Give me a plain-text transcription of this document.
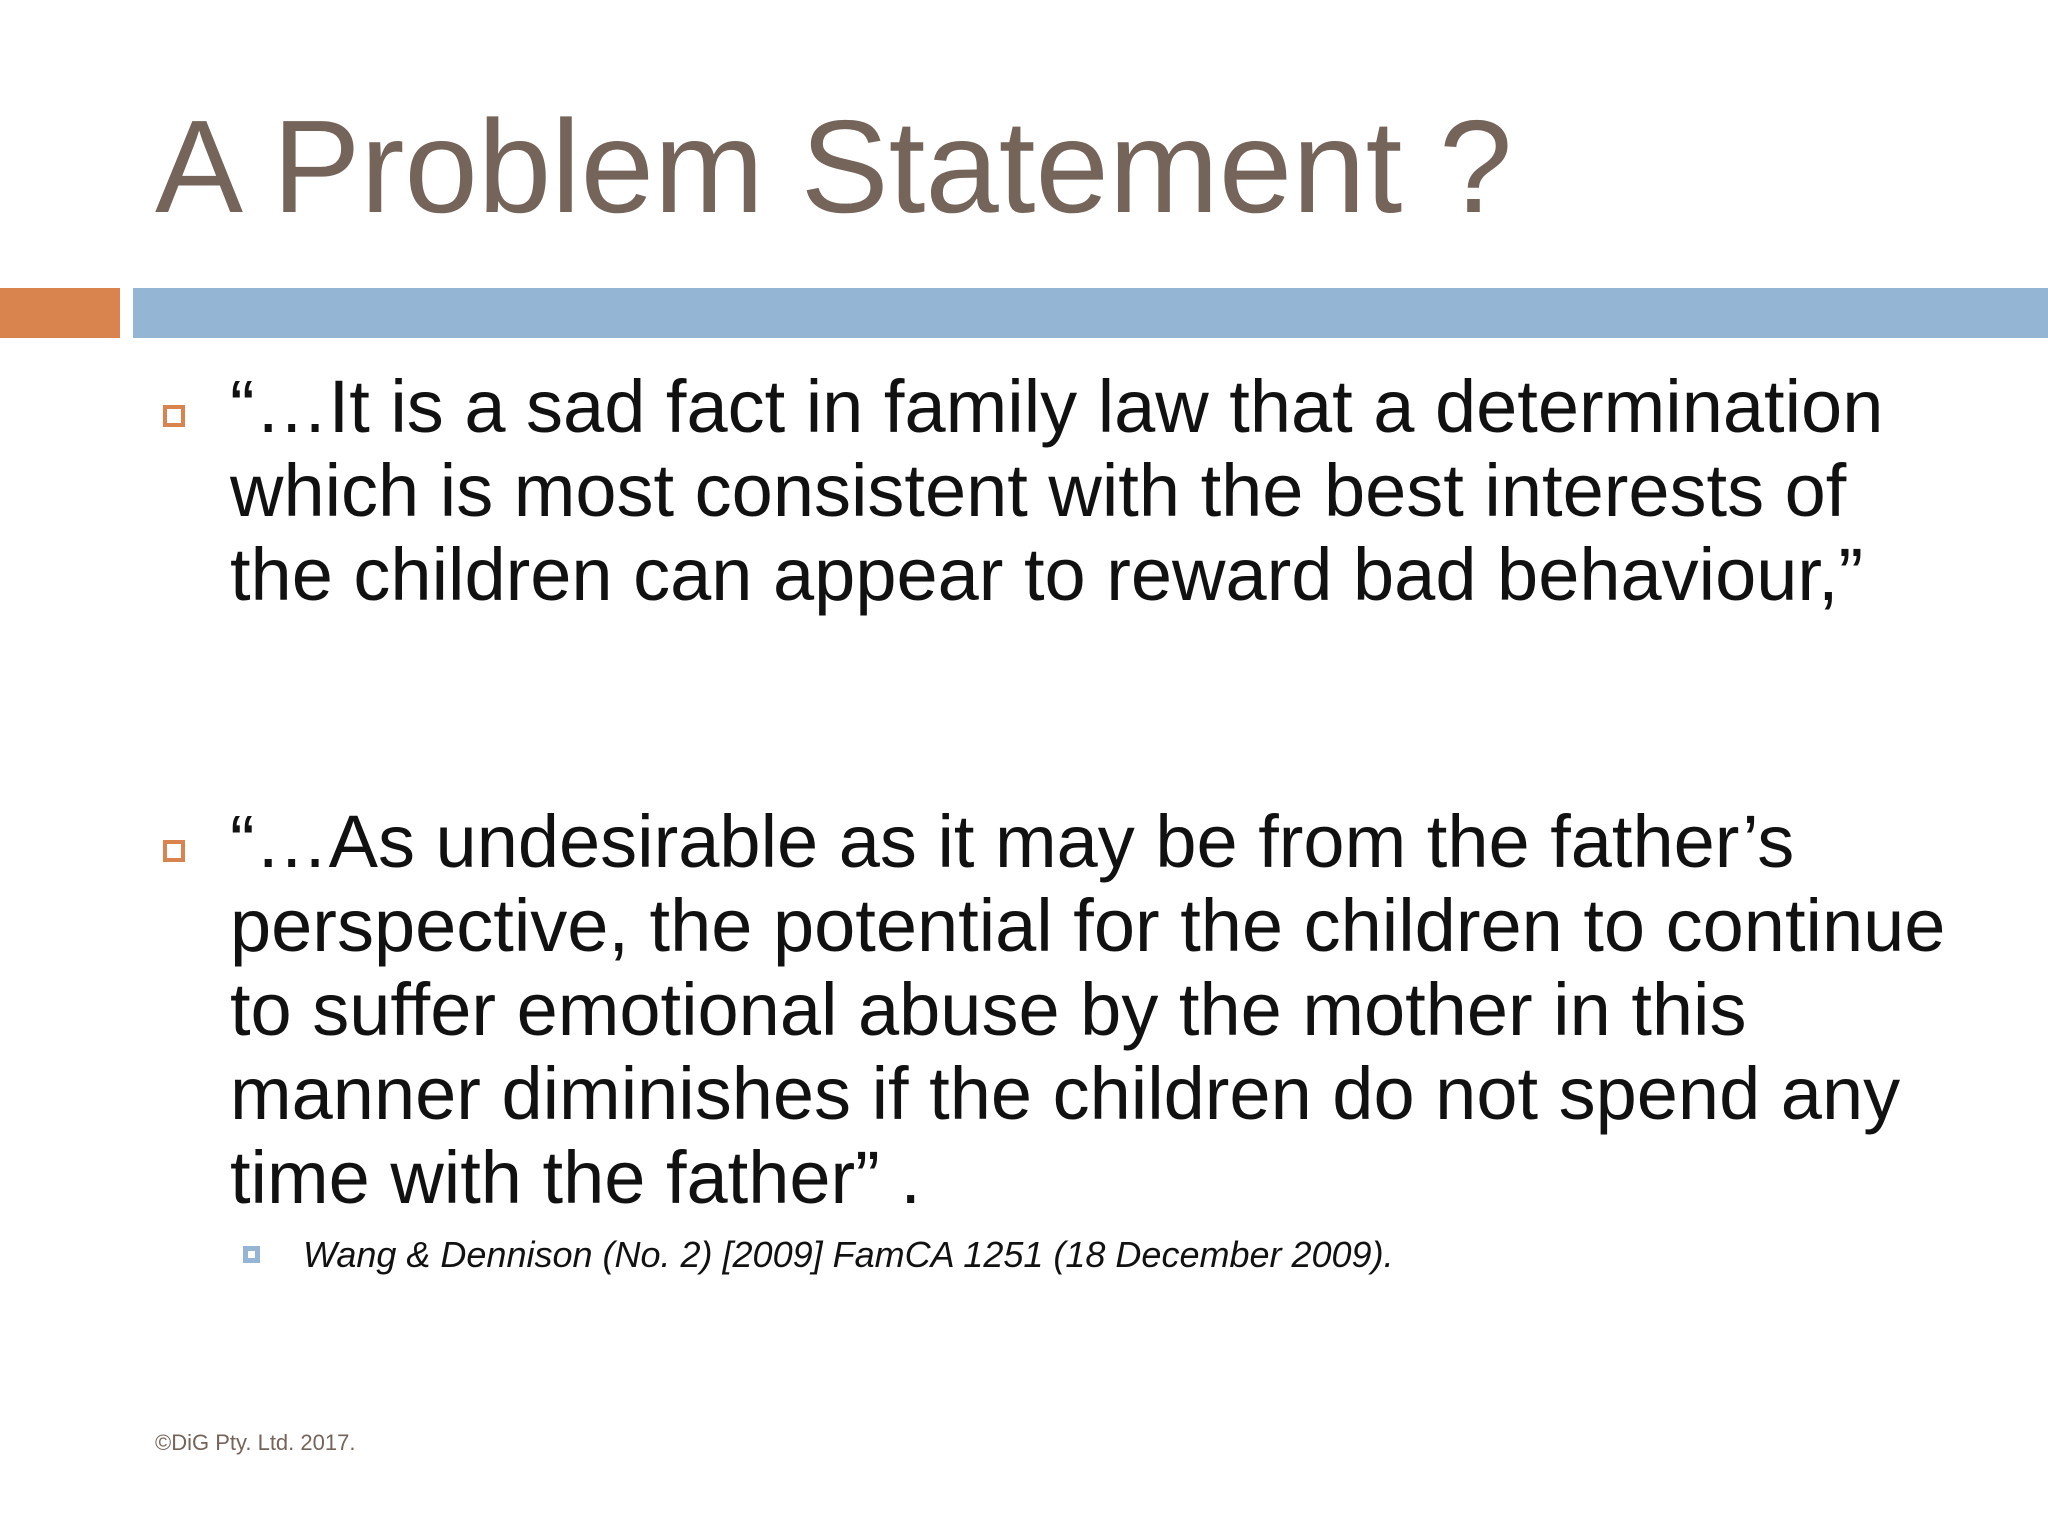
A Problem Statement ?

“…It is a sad fact in family law that a determination which is most consistent with the best interests of the children can appear to reward bad behaviour,”

“…As undesirable as it may be from the father’s perspective, the potential for the children to continue to suffer emotional abuse by the mother in this manner diminishes if the children do not spend any time with the father” .

Wang & Dennison (No. 2) [2009] FamCA 1251 (18 December 2009).

©DiG Pty. Ltd. 2017.
